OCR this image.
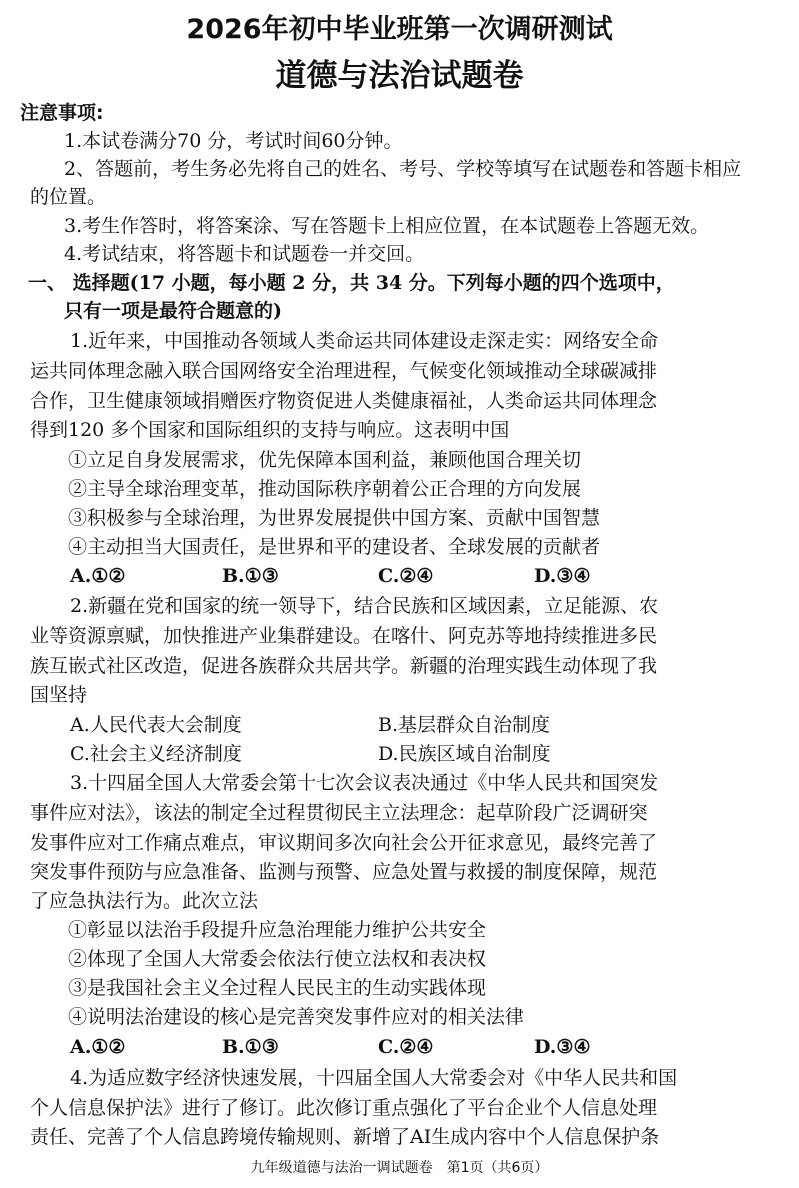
2026年初中毕业班第一次调研测试
道德与法治试题卷
注意事项:
1.本试卷满分70 分，考试时间60分钟。
2、答题前，考生务必先将自己的姓名、考号、学校等填写在试题卷和答题卡相应
的位置。
3.考生作答时，将答案涂、写在答题卡上相应位置，在本试题卷上答题无效。
4.考试结束，将答题卡和试题卷一并交回。
一、 选择题(17 小题，每小题 2 分，共 34 分。下列每小题的四个选项中，
只有一项是最符合题意的)
1.近年来，中国推动各领域人类命运共同体建设走深走实：网络安全命
运共同体理念融入联合国网络安全治理进程，气候变化领域推动全球碳减排
合作，卫生健康领域捐赠医疗物资促进人类健康福祉，人类命运共同体理念
得到120 多个国家和国际组织的支持与响应。这表明中国
①立足自身发展需求，优先保障本国利益，兼顾他国合理关切
②主导全球治理变革，推动国际秩序朝着公正合理的方向发展
③积极参与全球治理，为世界发展提供中国方案、贡献中国智慧
④主动担当大国责任，是世界和平的建设者、全球发展的贡献者
A.①②	B.①③	C.②④	D.③④
2.新疆在党和国家的统一领导下，结合民族和区域因素，立足能源、农
业等资源禀赋，加快推进产业集群建设。在喀什、阿克苏等地持续推进多民
族互嵌式社区改造，促进各族群众共居共学。新疆的治理实践生动体现了我
国坚持
A.人民代表大会制度	B.基层群众自治制度
C.社会主义经济制度	D.民族区域自治制度
3.十四届全国人大常委会第十七次会议表决通过《中华人民共和国突发
事件应对法》，该法的制定全过程贯彻民主立法理念：起草阶段广泛调研突
发事件应对工作痛点难点，审议期间多次向社会公开征求意见，最终完善了
突发事件预防与应急准备、监测与预警、应急处置与救援的制度保障，规范
了应急执法行为。此次立法
①彰显以法治手段提升应急治理能力维护公共安全
②体现了全国人大常委会依法行使立法权和表决权
③是我国社会主义全过程人民民主的生动实践体现
④说明法治建设的核心是完善突发事件应对的相关法律
A.①②	B.①③	C.②④	D.③④
4.为适应数字经济快速发展，十四届全国人大常委会对《中华人民共和国
个人信息保护法》进行了修订。此次修订重点强化了平台企业个人信息处理
责任、完善了个人信息跨境传输规则、新增了AI生成内容中个人信息保护条
九年级道德与法治一调试题卷　第1页（共6页）
